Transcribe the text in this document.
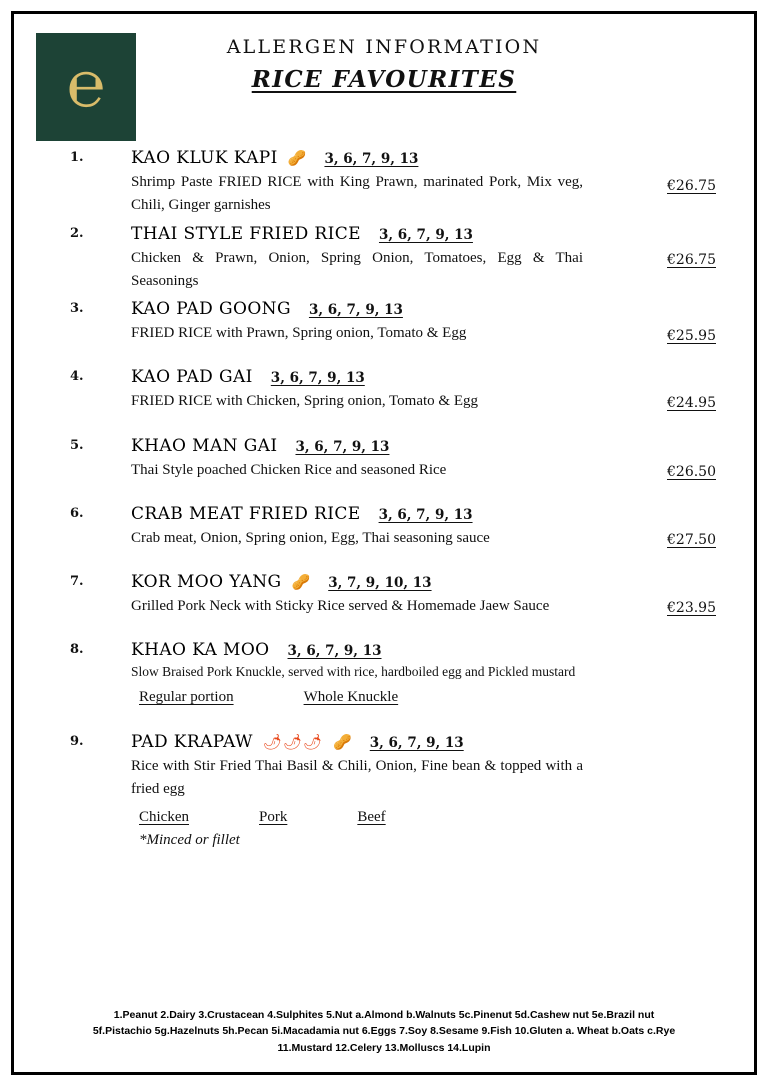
℮
ALLERGEN INFORMATION
RICE FAVOURITES
1.	KAO KLUK KAPI 🥜 3, 6, 7, 9, 13
Shrimp Paste FRIED RICE with King Prawn, marinated Pork, Mix veg, Chili, Ginger garnishes
€26.75
2.	THAI STYLE FRIED RICE 3, 6, 7, 9, 13
Chicken & Prawn, Onion, Spring Onion, Tomatoes, Egg & Thai Seasonings
€26.75
3.	KAO PAD GOONG 3, 6, 7, 9, 13
FRIED RICE with Prawn, Spring onion, Tomato & Egg	€25.95
4.	KAO PAD GAI 3, 6, 7, 9, 13
FRIED RICE with Chicken, Spring onion, Tomato & Egg	€24.95
5.	KHAO MAN GAI 3, 6, 7, 9, 13
Thai Style poached Chicken Rice and seasoned Rice	€26.50
6.	CRAB MEAT FRIED RICE 3, 6, 7, 9, 13
Crab meat, Onion, Spring onion, Egg, Thai seasoning sauce	€27.50
7.	KOR MOO YANG 🥜 3, 7, 9, 10, 13
Grilled Pork Neck with Sticky Rice served & Homemade Jaew Sauce	€23.95
8.	KHAO KA MOO 3, 6, 7, 9, 13
Slow Braised Pork Knuckle, served with rice, hardboiled egg and Pickled mustard
Regular portion	Whole Knuckle
9.	PAD KRAPAW 🌶🌶🌶 🥜 3, 6, 7, 9, 13
Rice with Stir Fried Thai Basil & Chili, Onion, Fine bean & topped with a fried egg
Chicken	Pork	Beef
*Minced or fillet
1.Peanut 2.Dairy 3.Crustacean 4.Sulphites 5.Nut a.Almond b.Walnuts 5c.Pinenut 5d.Cashew nut 5e.Brazil nut
5f.Pistachio 5g.Hazelnuts 5h.Pecan 5i.Macadamia nut 6.Eggs 7.Soy 8.Sesame 9.Fish 10.Gluten a. Wheat b.Oats c.Rye
11.Mustard 12.Celery 13.Molluscs 14.Lupin
